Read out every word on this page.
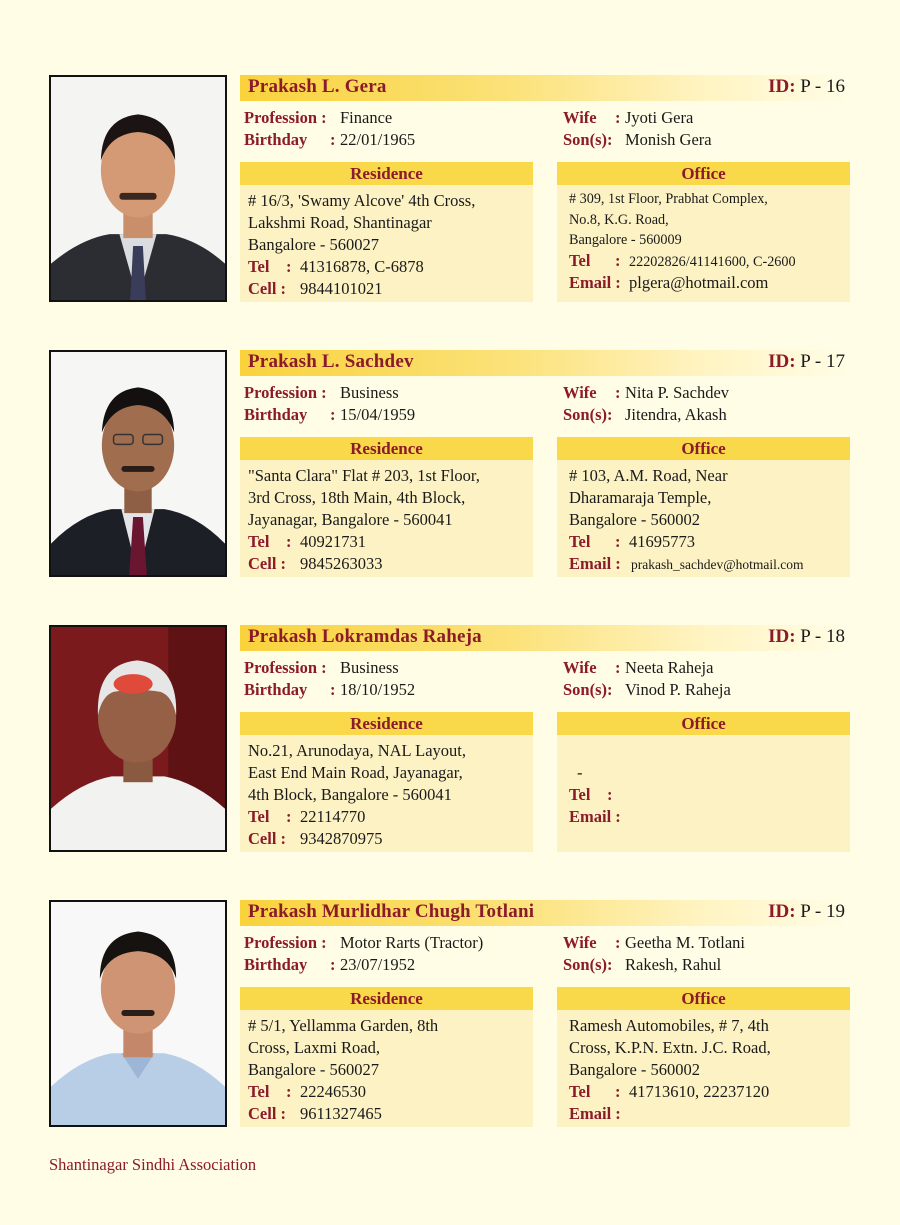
Prakash L. Gera	ID: P - 16
Profession : Finance
Birthday : 22/01/1965
Wife : Jyoti Gera
Son(s): Monish Gera
Residence
# 16/3, 'Swamy Alcove' 4th Cross,
Lakshmi Road, Shantinagar
Bangalore - 560027
Tel : 41316878, C-6878
Cell : 9844101021
Office
# 309, 1st Floor, Prabhat Complex,
No.8, K.G. Road,
Bangalore - 560009
Tel : 22202826/41141600, C-2600
Email : plgera@hotmail.com
Prakash L. Sachdev	ID: P - 17
Profession : Business
Birthday : 15/04/1959
Wife : Nita P. Sachdev
Son(s): Jitendra, Akash
Residence
"Santa Clara" Flat # 203, 1st Floor,
3rd Cross, 18th Main, 4th Block,
Jayanagar, Bangalore - 560041
Tel : 40921731
Cell : 9845263033
Office
# 103, A.M. Road, Near
Dharamaraja Temple,
Bangalore - 560002
Tel : 41695773
Email : prakash_sachdev@hotmail.com
Prakash Lokramdas Raheja	ID: P - 18
Profession : Business
Birthday : 18/10/1952
Wife : Neeta Raheja
Son(s): Vinod P. Raheja
Residence
No.21, Arunodaya, NAL Layout,
East End Main Road, Jayanagar,
4th Block, Bangalore - 560041
Tel : 22114770
Cell : 9342870975
Office
-
Tel :
Email :
Prakash Murlidhar Chugh Totlani	ID: P - 19
Profession : Motor Rarts (Tractor)
Birthday : 23/07/1952
Wife : Geetha M. Totlani
Son(s): Rakesh, Rahul
Residence
# 5/1, Yellamma Garden, 8th
Cross, Laxmi Road,
Bangalore - 560027
Tel : 22246530
Cell : 9611327465
Office
Ramesh Automobiles, # 7, 4th
Cross, K.P.N. Extn. J.C. Road,
Bangalore - 560002
Tel : 41713610, 22237120
Email :
Shantinagar Sindhi Association
